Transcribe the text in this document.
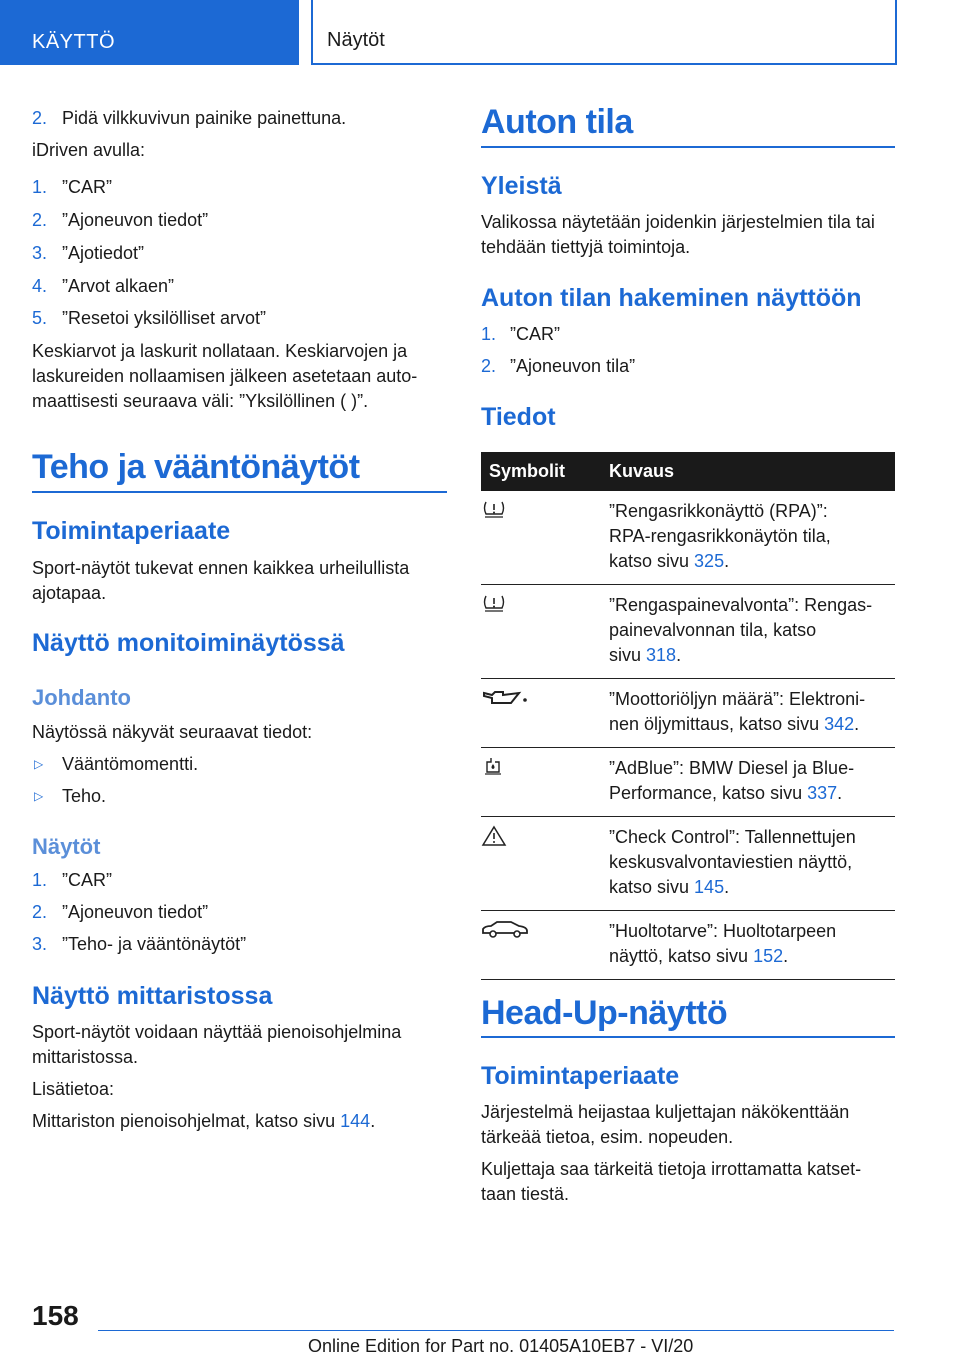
KÄYTTÖ	Näytöt
2. Pidä vilkkuvivun painike painettuna.

iDriven avulla:

1. ”CAR”

2. ”Ajoneuvon tiedot”

3. ”Ajotiedot”

4. ”Arvot alkaen”

5. ”Resetoi yksilölliset arvot”

Keskiarvot ja laskurit nollataan. Keskiarvojen ja

laskureiden nollaamisen jälkeen asetetaan auto-

maattisesti seuraava väli: ”Yksilöllinen ( )”.

Teho ja vääntönäytöt
Toimintaperiaate

Sport-näytöt tukevat ennen kaikkea urheilullista

ajotapaa.

Näyttö monitoiminäytössä
Johdanto

Näytössä näkyvät seuraavat tiedot:

▷ Vääntömomentti.

▷ Teho.

Näytöt
1. ”CAR”

2. ”Ajoneuvon tiedot”

3. ”Teho- ja vääntönäytöt”

Näyttö mittaristossa

Sport-näytöt voidaan näyttää pienoisohjelmina

mittaristossa.

Lisätietoa:

Mittariston pienoisohjelmat, katso sivu 144.

Auton tila
Yleistä

Valikossa näytetään joidenkin järjestelmien tila tai

tehdään tiettyjä toimintoja.

Auton tilan hakeminen näyttöön
1. ”CAR”

2. ”Ajoneuvon tila”

Tiedot
Symbolit	Kuvaus
	”Rengasrikkonäyttö (RPA)”:
RPA-rengasrikkonäytön tila,
katso sivu 325.
	”Rengaspainevalvonta”: Rengas-
painevalvonnan tila, katso
sivu 318.
	”Moottoriöljyn määrä”: Elektroni-
nen öljymittaus, katso sivu 342.
	”AdBlue”: BMW Diesel ja Blue-
Performance, katso sivu 337.
	”Check Control”: Tallennettujen
keskusvalvontaviestien näyttö,
katso sivu 145.
	”Huoltotarve”: Huoltotarpeen
näyttö, katso sivu 152.
Head-Up-näyttö
Toimintaperiaate

Järjestelmä heijastaa kuljettajan näkökenttään

tärkeää tietoa, esim. nopeuden.

Kuljettaja saa tärkeitä tietoja irrottamatta katset-

taan tiestä.

158
Online Edition for Part no. 01405A10EB7 - VI/20
